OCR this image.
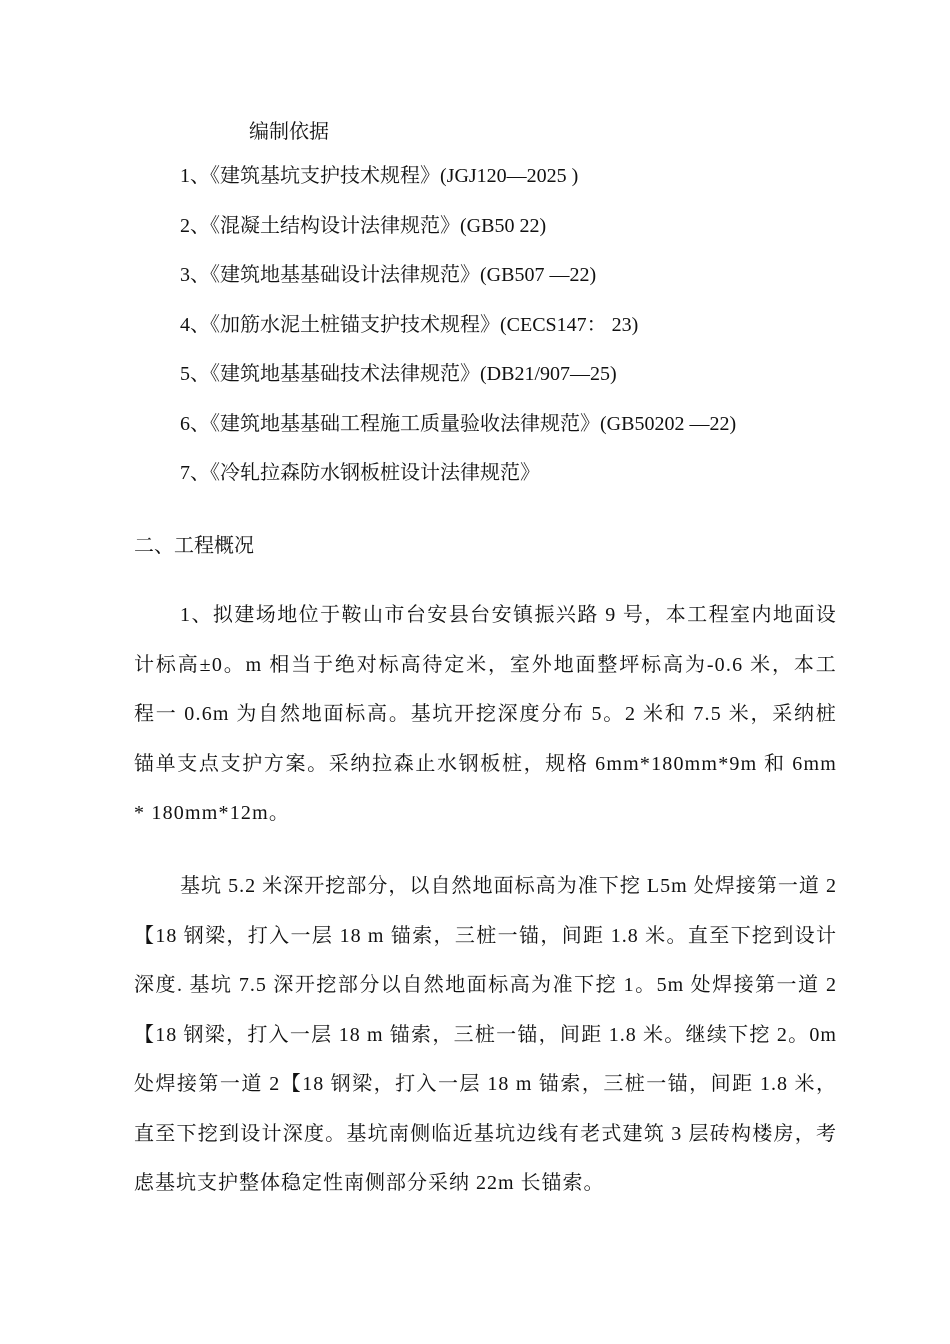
编制依据
1、《建筑基坑支护技术规程》(JGJ120—2025 )
2、《混凝土结构设计法律规范》(GB50 22)
3、《建筑地基基础设计法律规范》(GB507 —22)
4、《加筋水泥土桩锚支护技术规程》(CECS147： 23)
5、《建筑地基基础技术法律规范》(DB21/907—25)
6、《建筑地基基础工程施工质量验收法律规范》(GB50202 —22)
7、《冷轧拉森防水钢板桩设计法律规范》
二、工程概况

1、拟建场地位于鞍山市台安县台安镇振兴路 9 号，本工程室内地面设计标高±0。m 相当于绝对标高待定米，室外地面整坪标高为-0.6 米，本工程一 0.6m 为自然地面标高。基坑开挖深度分布 5。2 米和 7.5 米，采纳桩锚单支点支护方案。采纳拉森止水钢板桩，规格 6mm*180mm*9m 和 6mm * 180mm*12m。

基坑 5.2 米深开挖部分，以自然地面标高为准下挖 L5m 处焊接第一道 2【18 钢梁，打入一层 18 m 锚索，三桩一锚，间距 1.8 米。直至下挖到设计深度. 基坑 7.5 深开挖部分以自然地面标高为准下挖 1。5m 处焊接第一道 2【18 钢梁，打入一层 18 m 锚索，三桩一锚，间距 1.8 米。继续下挖 2。0m 处焊接第一道 2【18 钢梁，打入一层 18 m 锚索，三桩一锚，间距 1.8 米，直至下挖到设计深度。基坑南侧临近基坑边线有老式建筑 3 层砖构楼房，考虑基坑支护整体稳定性南侧部分采纳 22m 长锚索。
